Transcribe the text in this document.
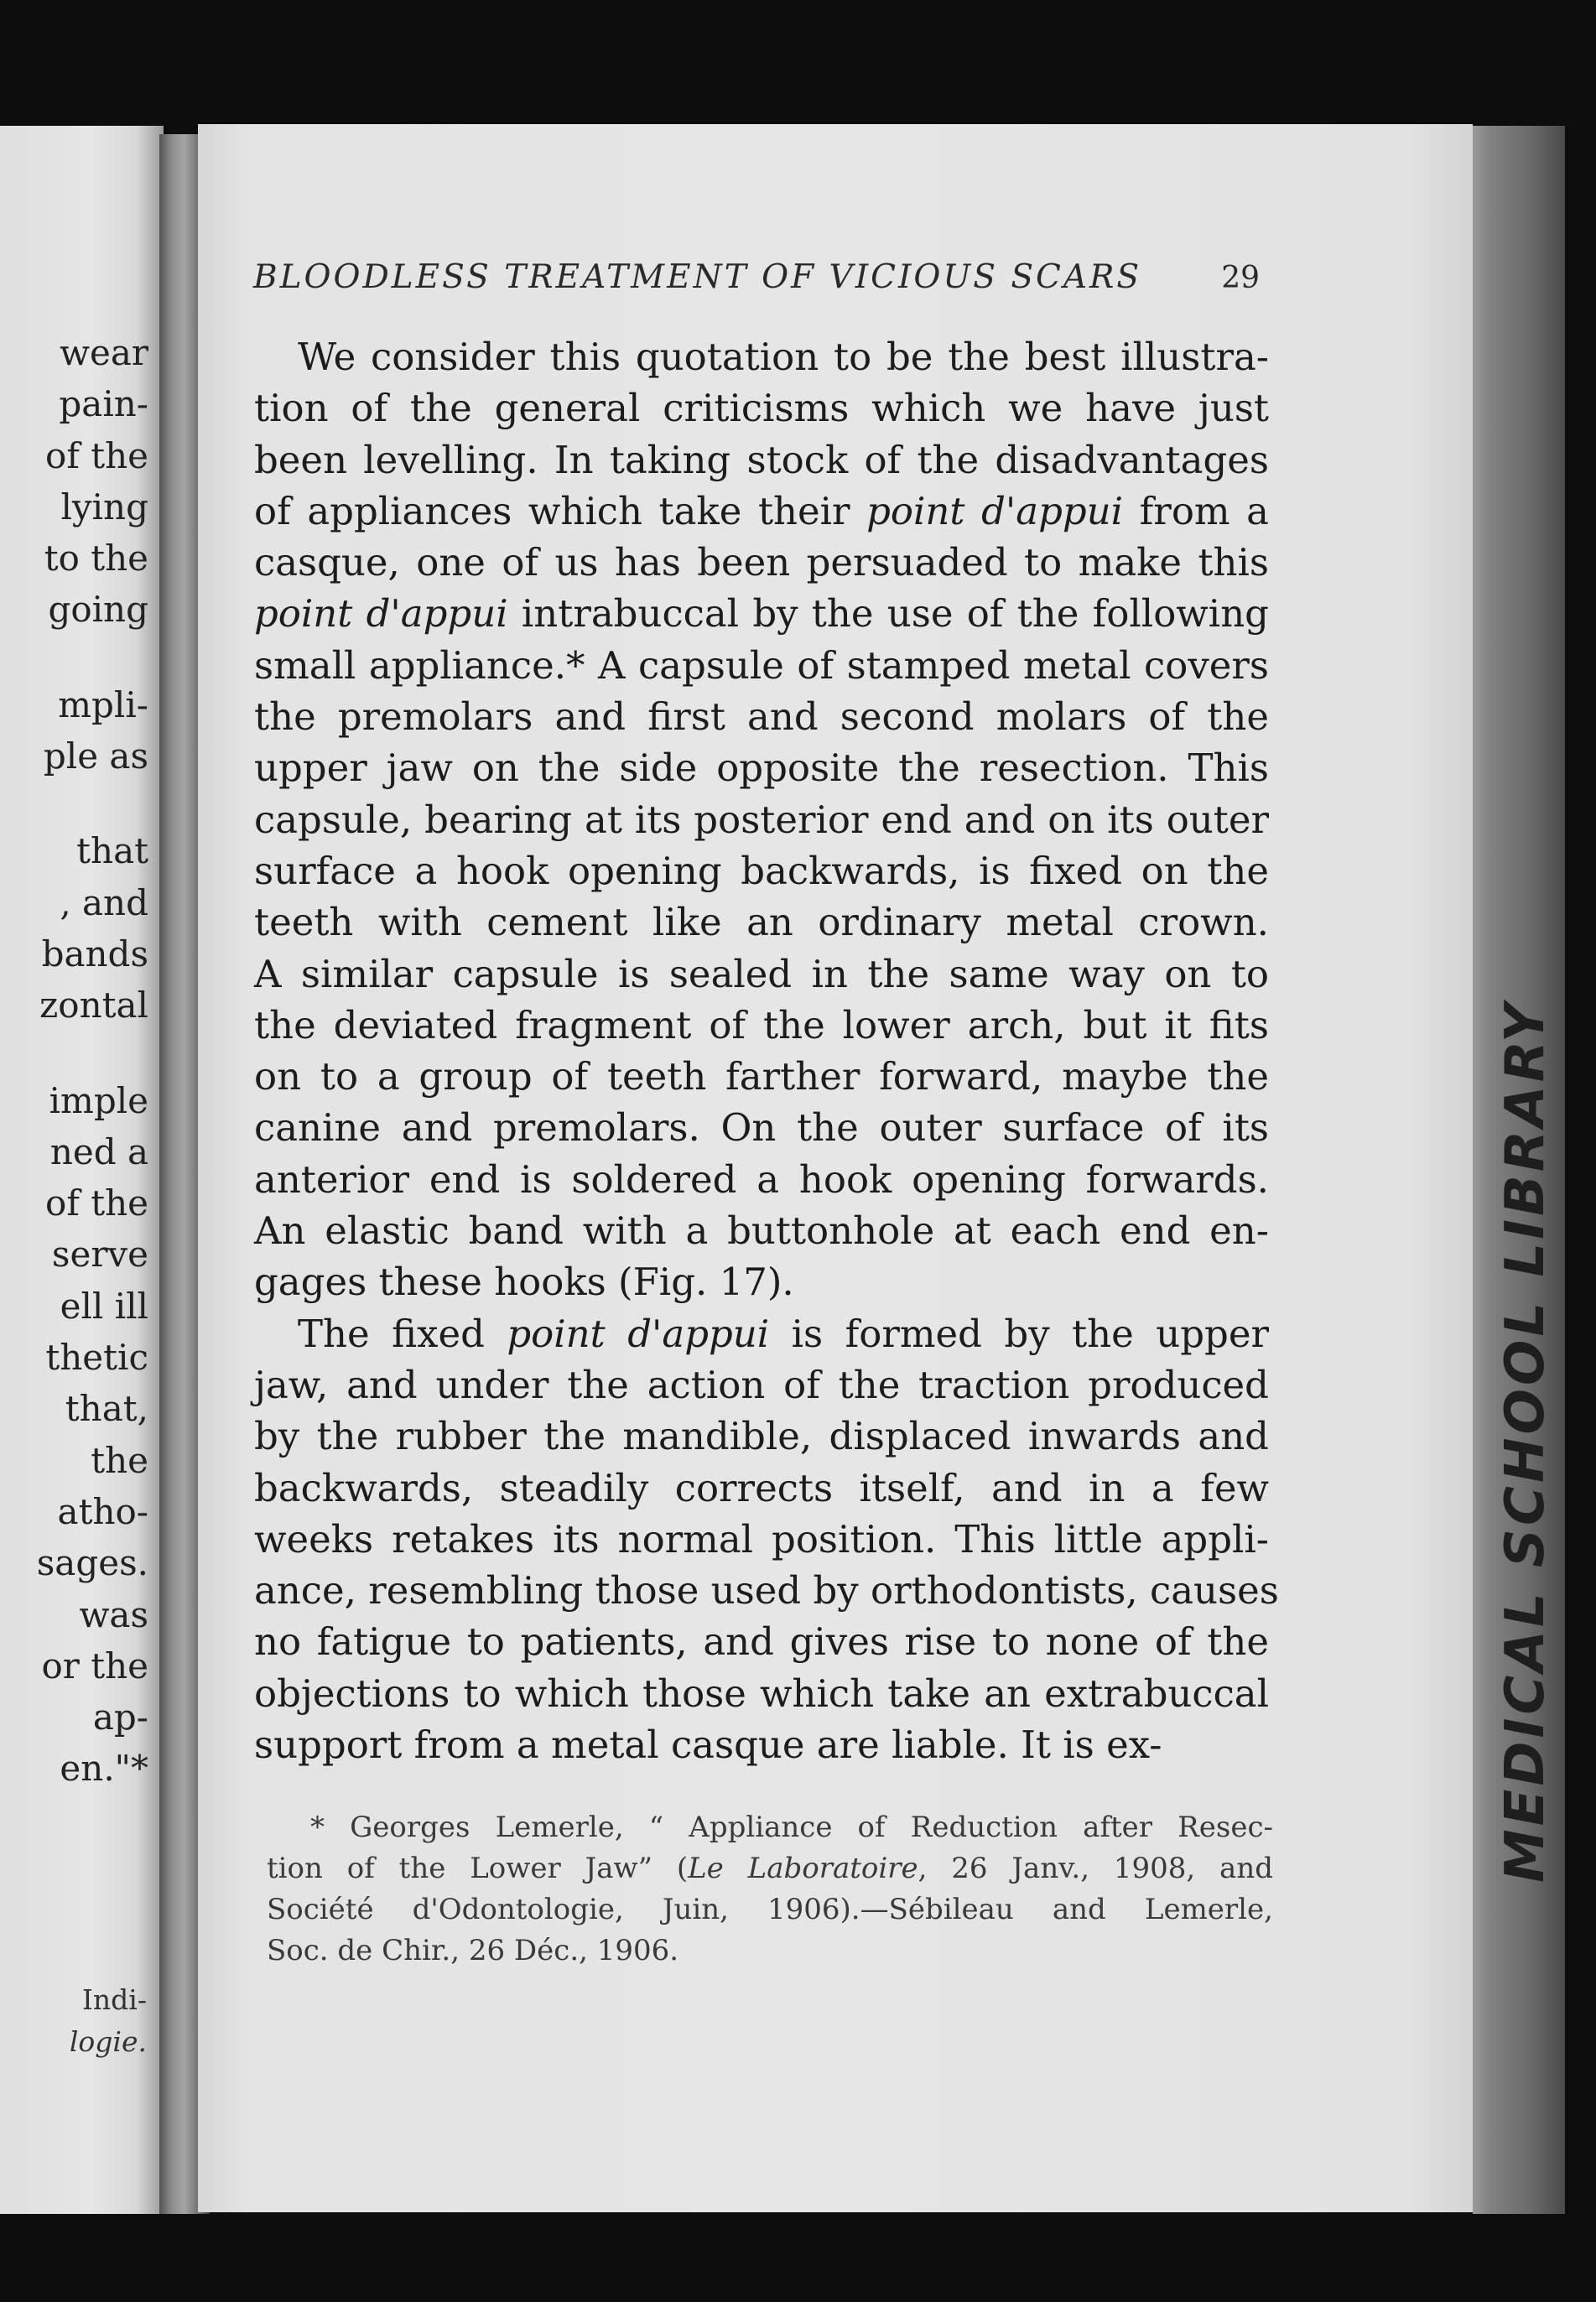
wear
pain-
of the
lying
to the
going
mpli-
ple as
that
, and
bands
zontal
imple
ned a
of the
serve
ell ill
thetic
that,
the
atho-
sages.
was
or the
ap-
en."*
Indi-
logie.
MEDICAL SCHOOL LIBRARY
BLOODLESS TREATMENT OF VICIOUS SCARS	29

We consider this quotation to be the best illustra-
tion of the general criticisms which we have just
been levelling. In taking stock of the disadvantages
of appliances which take their point d'appui from a
casque, one of us has been persuaded to make this
point d'appui intrabuccal by the use of the following
small appliance.* A capsule of stamped metal covers
the premolars and first and second molars of the
upper jaw on the side opposite the resection. This
capsule, bearing at its posterior end and on its outer
surface a hook opening backwards, is fixed on the
teeth with cement like an ordinary metal crown.
A similar capsule is sealed in the same way on to
the deviated fragment of the lower arch, but it fits
on to a group of teeth farther forward, maybe the
canine and premolars. On the outer surface of its
anterior end is soldered a hook opening forwards.
An elastic band with a buttonhole at each end en-
gages these hooks (Fig. 17).

The fixed point d'appui is formed by the upper
jaw, and under the action of the traction produced
by the rubber the mandible, displaced inwards and
backwards, steadily corrects itself, and in a few
weeks retakes its normal position. This little appli-
ance, resembling those used by orthodontists, causes
no fatigue to patients, and gives rise to none of the
objections to which those which take an extrabuccal
support from a metal casque are liable. It is ex-

* Georges Lemerle, “ Appliance of Reduction after Resec-
tion of the Lower Jaw” (Le Laboratoire, 26 Janv., 1908, and
Société d'Odontologie, Juin, 1906).—Sébileau and Lemerle,
Soc. de Chir., 26 Déc., 1906.
